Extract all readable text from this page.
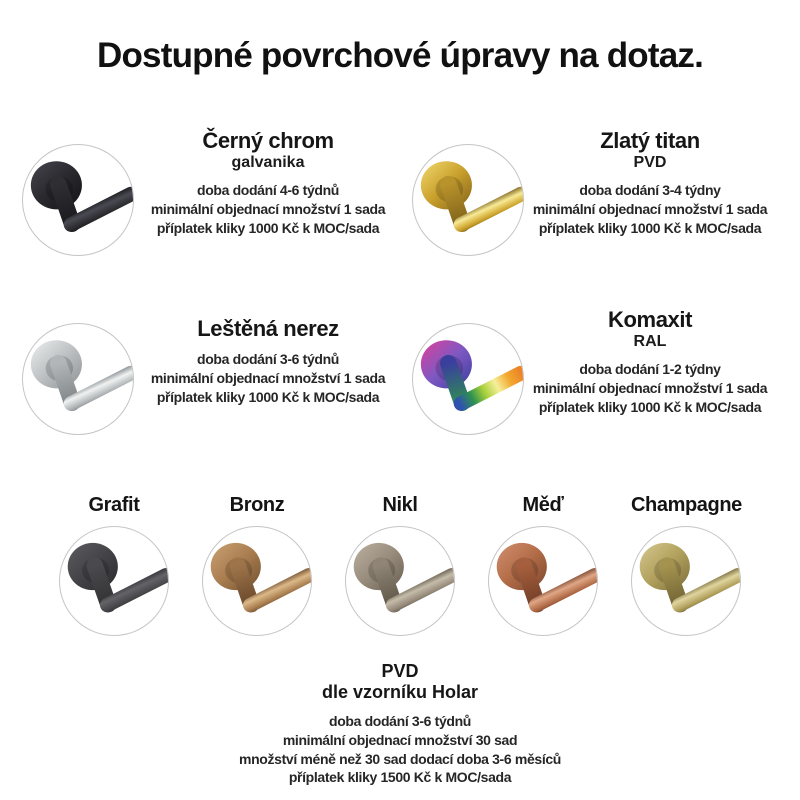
Dostupné povrchové úpravy na dotaz.
Černý chrom
galvanika
doba dodání 4-6 týdnů
minimální objednací množství 1 sada
příplatek kliky 1000 Kč k MOC/sada
Zlatý titan
PVD
doba dodání 3-4 týdny
minimální objednací množství 1 sada
příplatek kliky 1000 Kč k MOC/sada
Leštěná nerez
doba dodání 3-6 týdnů
minimální objednací množství 1 sada
příplatek kliky 1000 Kč k MOC/sada
Komaxit
RAL
doba dodání 1-2 týdny
minimální objednací množství 1 sada
příplatek kliky 1000 Kč k MOC/sada
Grafit	Bronz	Nikl	Měď	Champagne
PVD
dle vzorníku Holar
doba dodání 3-6 týdnů
minimální objednací množství 30 sad
množství méně než 30 sad dodací doba 3-6 měsíců
příplatek kliky 1500 Kč k MOC/sada
